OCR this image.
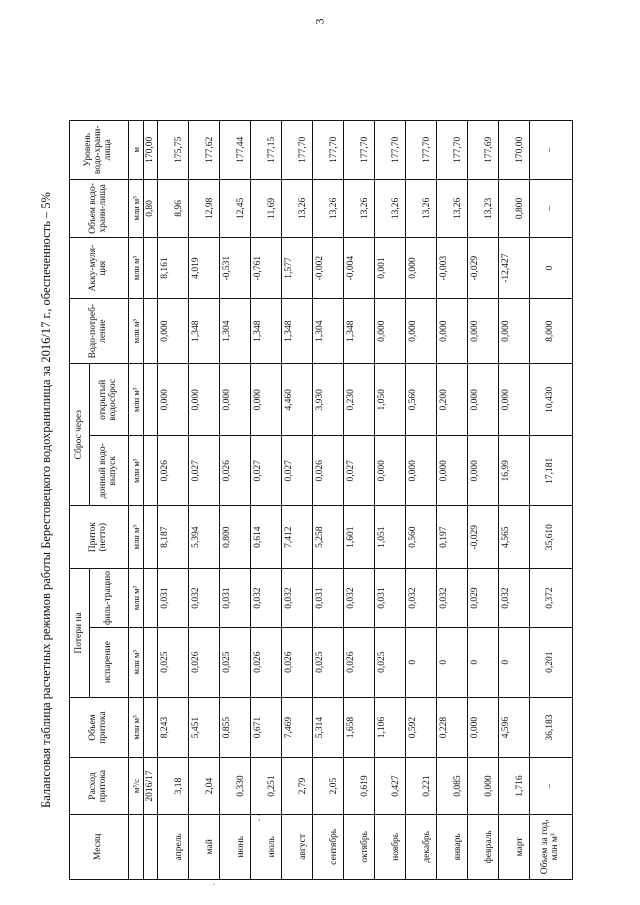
3
;
·
Балансовая таблица расчетных режимов работы Берестовецкого водохранилища за 2016/17 г., обеспеченность – 5%
Месяц	Расход притока	Объем притока	Потери на		Приток (нетто)	Сброс через		Водо-потреб-ление	Акку-муля-ция	Объем водо-храни-лища	Уровень водо-храни-лища
			испарение	филь-трацию		донный водо-выпуск	открытый водосброс				
	м³/с	млн м³	млн м³	млн м³	млн м³	млн м³	млн м³	млн м³	млн м³	млн м³	м
	2016/17									0,80	170,00
апрель	3,18	8,243	0,025	0,031	8,187	0,026	0,000	0,000	8,161	8,96	175,75
май	2,04	5,451	0,026	0,032	5,394	0,027	0,000	1,348	4,019	12,98	177,62
июнь	0,330	0,855	0,025	0,031	0,800	0,026	0,000	1,304	-0,531	12,45	177,44
июль	0,251	0,671	0,026	0,032	0,614	0,027	0,000	1,348	-0,761	11,69	177,15
август	2,79	7,469	0,026	0,032	7,412	0,027	4,460	1,348	1,577	13,26	177,70
сентябрь	2,05	5,314	0,025	0,031	5,258	0,026	3,930	1,304	-0,002	13,26	177,70
октябрь	0,619	1,658	0,026	0,032	1,601	0,027	0,230	1,348	-0,004	13,26	177,70
ноябрь	0,427	1,106	0,025	0,031	1,051	0,000	1,050	0,000	0,001	13,26	177,70
декабрь	0,221	0,592	0	0,032	0,560	0,000	0,560	0,000	0,000	13,26	177,70
январь	0,085	0,228	0	0,032	0,197	0,000	0,200	0,000	-0,003	13,26	177,70
февраль	0,000	0,000	0	0,029	-0,029	0,000	0,000	0,000	-0,029	13,23	177,69
март	1,716	4,596	0	0,032	4,565	16,99	0,000	0,000	-12,427	0,800	170,00
Объем за год, млн м³	–	36,183	0,201	0,372	35,610	17,181	10,430	8,000	0	–	–
